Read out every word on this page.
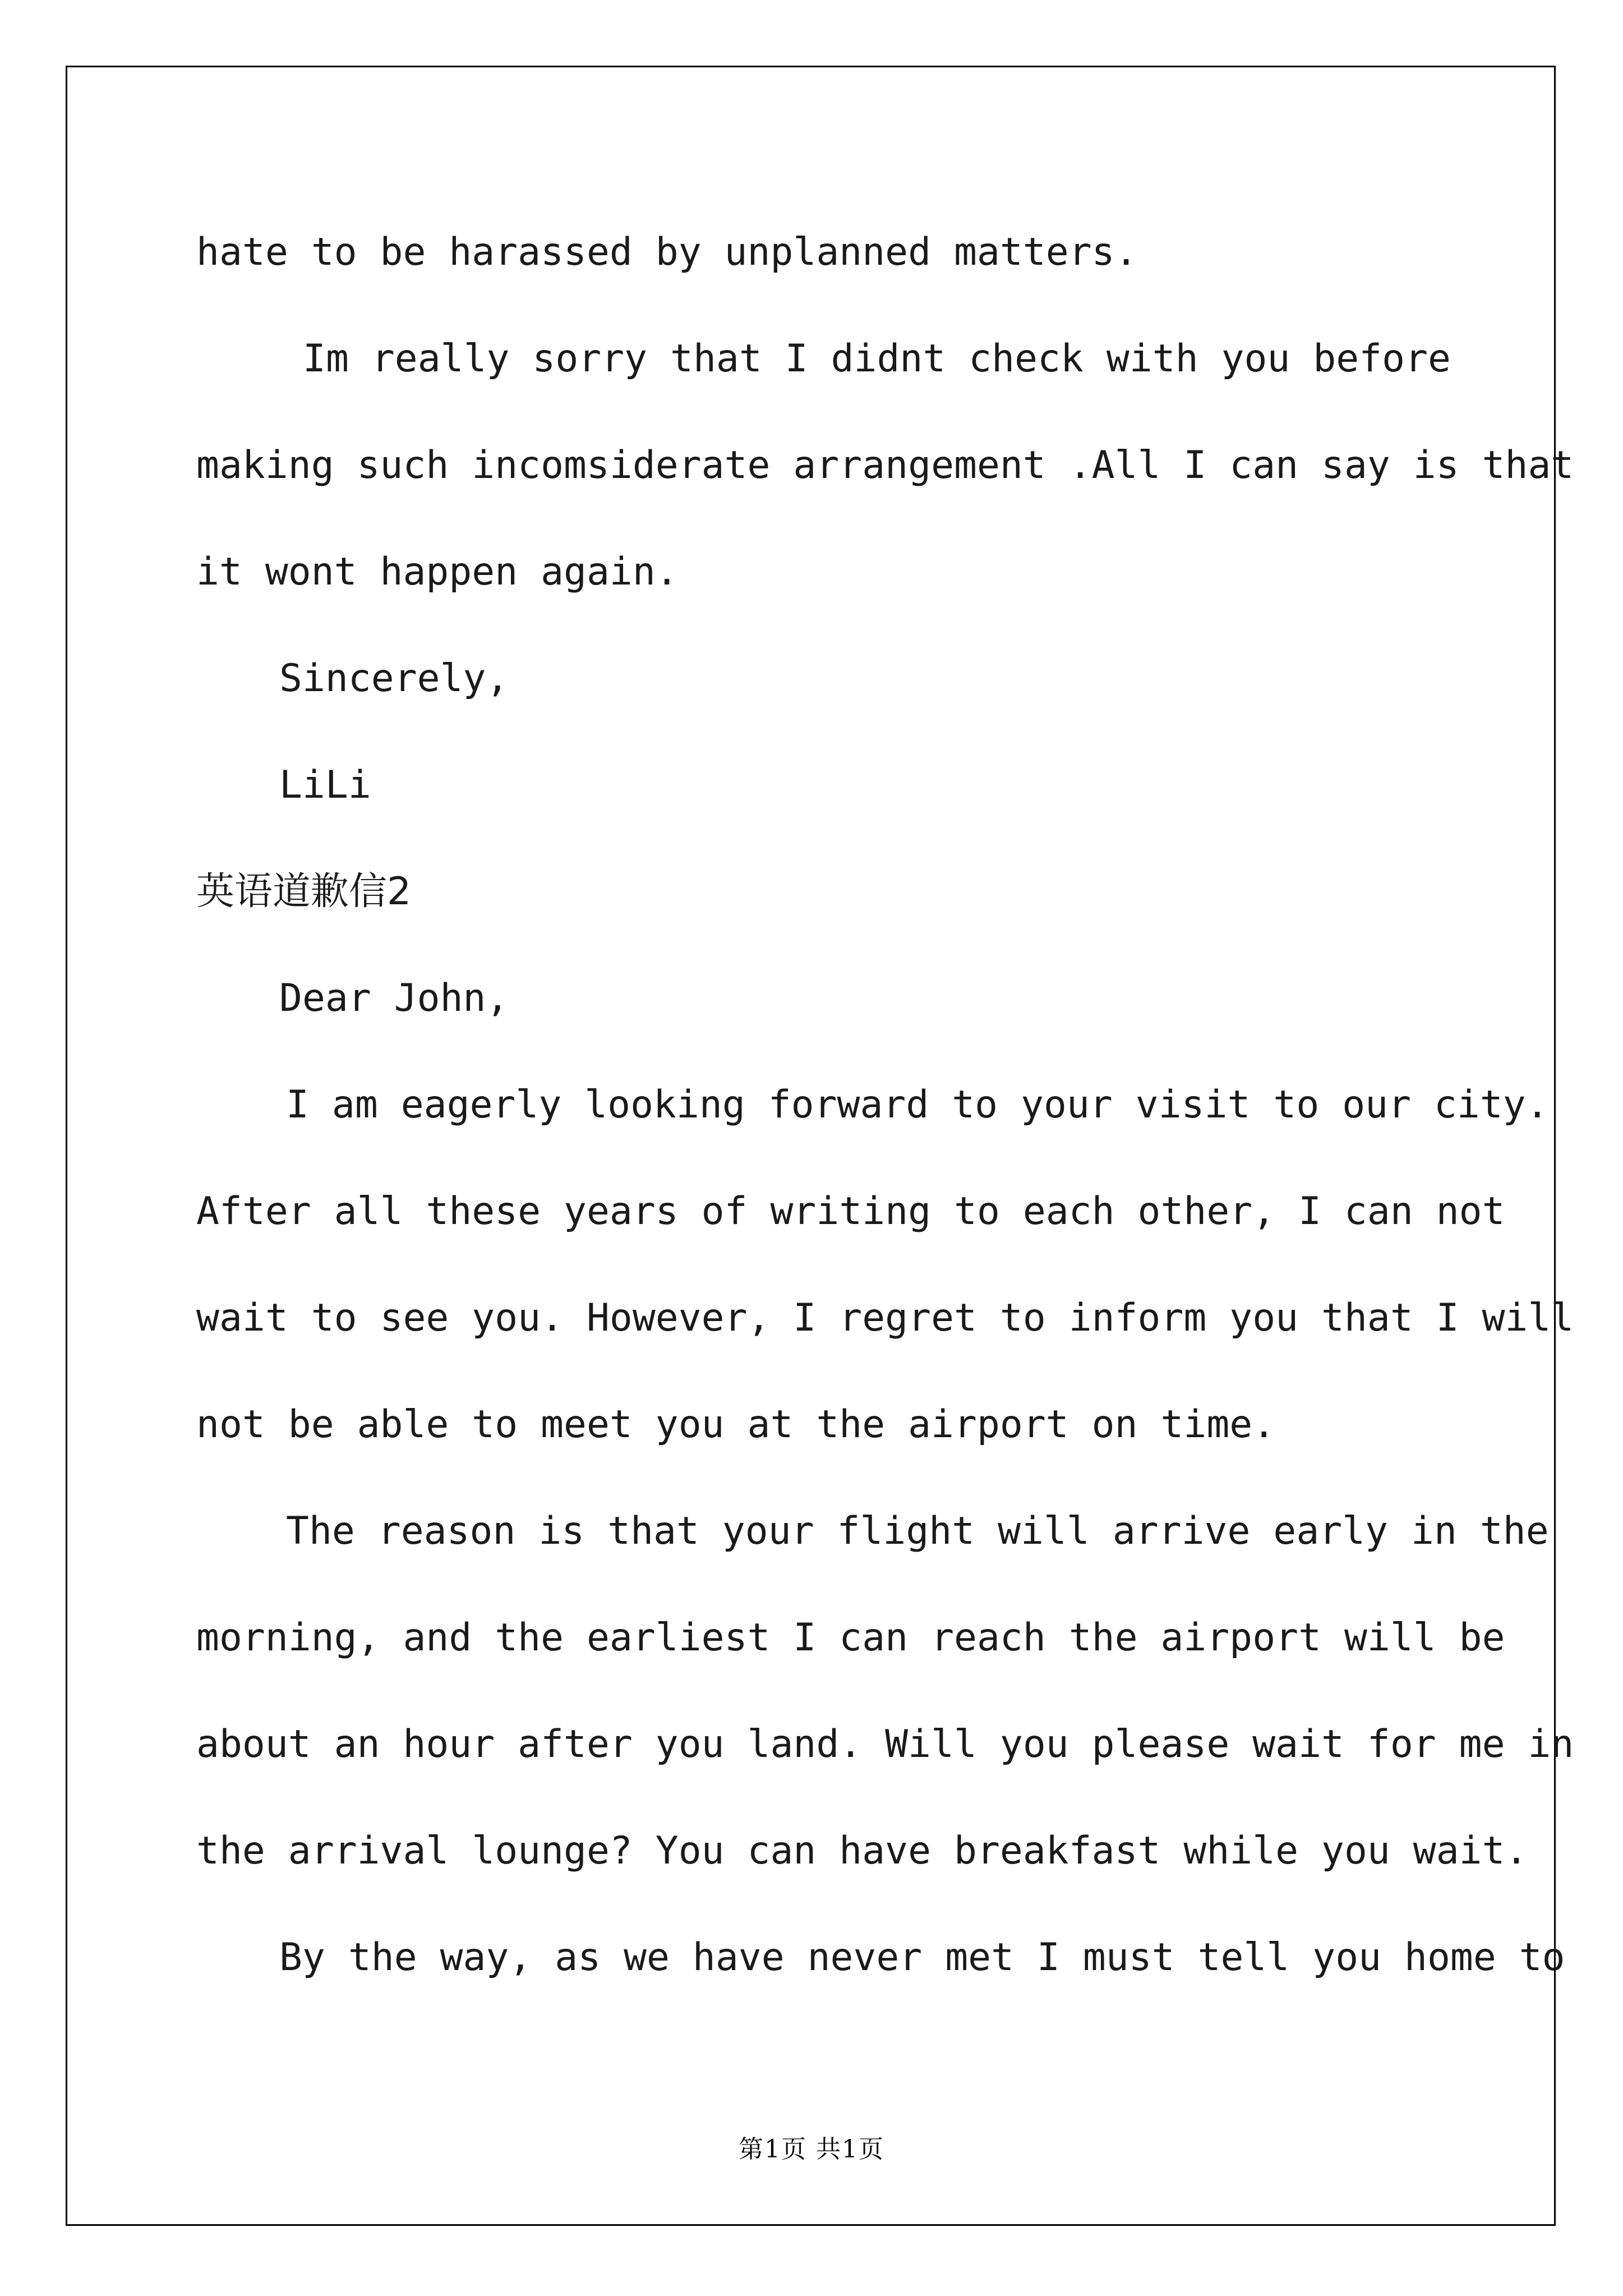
hate to be harassed by unplanned matters.
Im really sorry that I didnt check with you before
making such incomsiderate arrangement .All I can say is that
it wont happen again.
Sincerely,
LiLi
英语道歉信2
Dear John,
I am eagerly looking forward to your visit to our city.
After all these years of writing to each other, I can not
wait to see you. However, I regret to inform you that I will
not be able to meet you at the airport on time.
The reason is that your flight will arrive early in the
morning, and the earliest I can reach the airport will be
about an hour after you land. Will you please wait for me in
the arrival lounge? You can have breakfast while you wait.
By the way, as we have never met I must tell you home to
第1页 共1页
